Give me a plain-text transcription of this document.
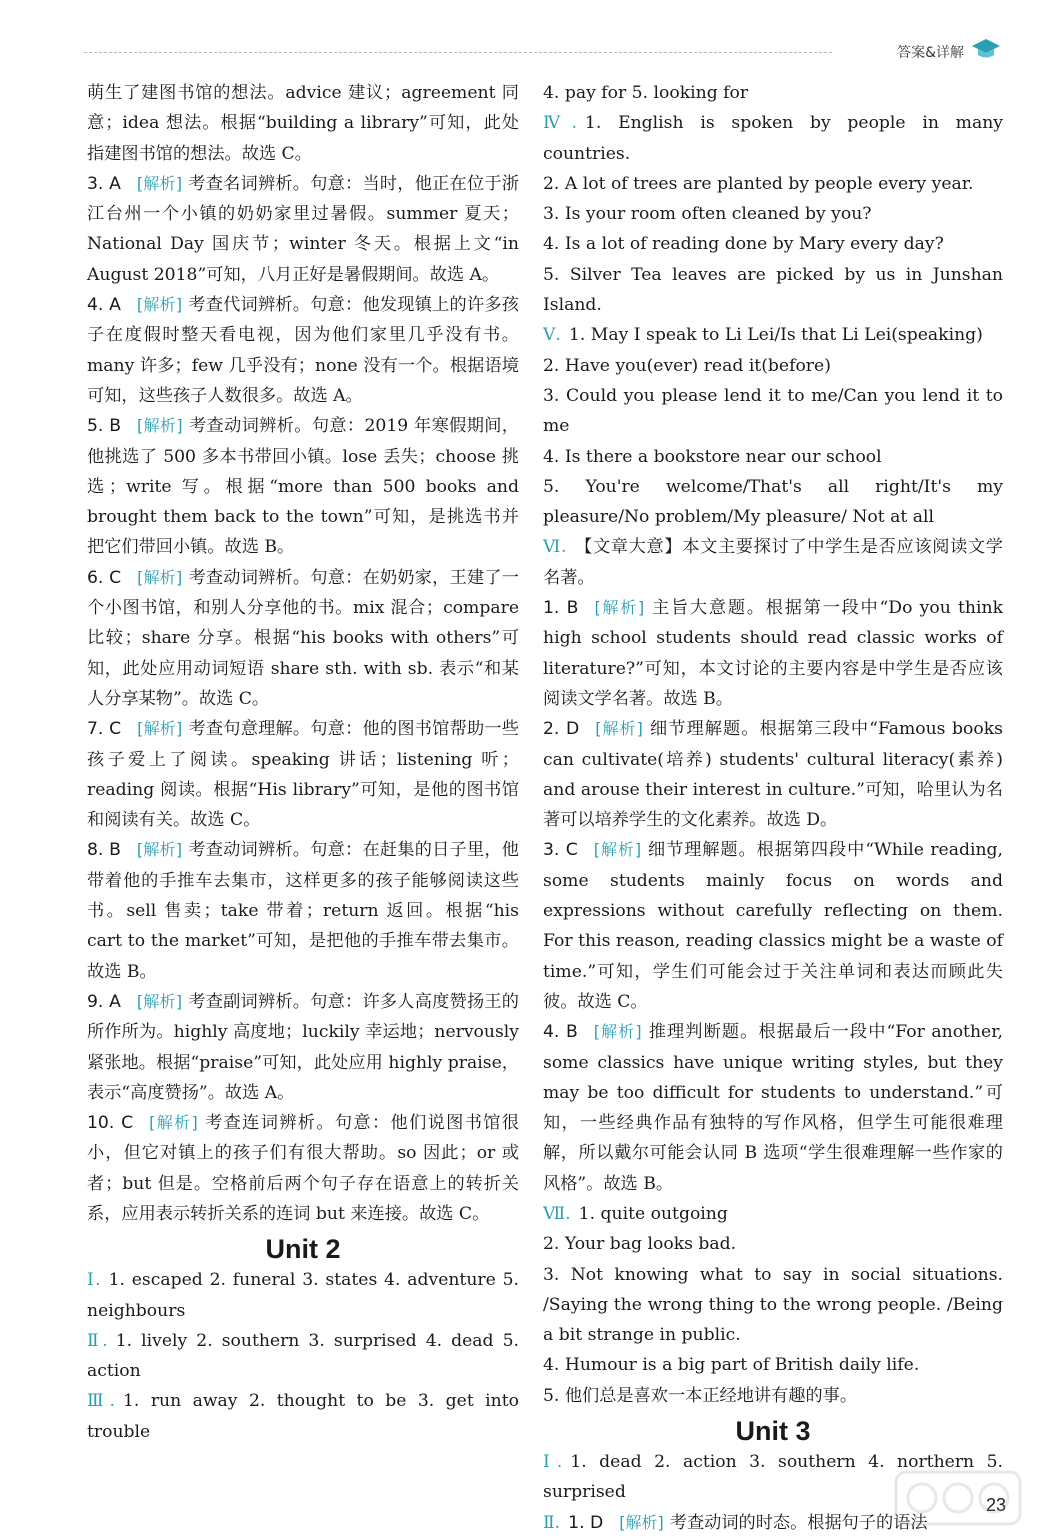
答案&详解

萌生了建图书馆的想法。advice 建议；agreement 同意；idea 想法。根据“building a library”可知，此处指建图书馆的想法。故选 C。

3. A [ 解析 ] 考查名词辨析。句意：当时，他正在位于浙江台州一个小镇的奶奶家里过暑假。summer 夏天；National Day 国庆节；winter 冬天。根据上文“in August 2018”可知，八月正好是暑假期间。故选 A。

4. A [ 解析 ] 考查代词辨析。句意：他发现镇上的许多孩子在度假时整天看电视，因为他们家里几乎没有书。many 许多；few 几乎没有；none 没有一个。根据语境可知，这些孩子人数很多。故选 A。

5. B [ 解析 ] 考查动词辨析。句意：2019 年寒假期间，他挑选了 500 多本书带回小镇。lose 丢失；choose 挑选；write 写。根据“more than 500 books and brought them back to the town”可知，是挑选书并把它们带回小镇。故选 B。

6. C [ 解析 ] 考查动词辨析。句意：在奶奶家，王建了一个小图书馆，和别人分享他的书。mix 混合；compare 比较；share 分享。根据“his books with others”可知，此处应用动词短语 share sth. with sb. 表示“和某人分享某物”。故选 C。

7. C [ 解析 ] 考查句意理解。句意：他的图书馆帮助一些孩子爱上了阅读。speaking 讲话；listening 听；reading 阅读。根据“His library”可知，是他的图书馆和阅读有关。故选 C。

8. B [ 解析 ] 考查动词辨析。句意：在赶集的日子里，他带着他的手推车去集市，这样更多的孩子能够阅读这些书。sell 售卖；take 带着；return 返回。根据“his cart to the market”可知，是把他的手推车带去集市。故选 B。

9. A [ 解析 ] 考查副词辨析。句意：许多人高度赞扬王的所作所为。highly 高度地；luckily 幸运地；nervously 紧张地。根据“praise”可知，此处应用 highly praise，表示“高度赞扬”。故选 A。

10. C [ 解析 ] 考查连词辨析。句意：他们说图书馆很小，但它对镇上的孩子们有很大帮助。so 因此；or 或者；but 但是。空格前后两个句子存在语意上的转折关系，应用表示转折关系的连词 but 来连接。故选 C。

Unit 2

Ⅰ. 1. escaped 2. funeral 3. states 4. adventure 5. neighbours

Ⅱ. 1. lively 2. southern 3. surprised 4. dead 5. action

Ⅲ. 1. run away 2. thought to be 3. get into trouble

4. pay for 5. looking for

Ⅳ. 1. English is spoken by people in many countries.

2. A lot of trees are planted by people every year.

3. Is your room often cleaned by you?

4. Is a lot of reading done by Mary every day?

5. Silver Tea leaves are picked by us in Junshan Island.

Ⅴ. 1. May I speak to Li Lei/Is that Li Lei(speaking)

2. Have you(ever) read it(before)

3. Could you please lend it to me/Can you lend it to me

4. Is there a bookstore near our school

5. You're welcome/That's all right/It's my pleasure/No problem/My pleasure/ Not at all

Ⅵ. 【文章大意】本文主要探讨了中学生是否应该阅读文学名著。

1. B [ 解析 ] 主旨大意题。根据第一段中“Do you think high school students should read classic works of literature?”可知，本文讨论的主要内容是中学生是否应该阅读文学名著。故选 B。

2. D [ 解析 ] 细节理解题。根据第三段中“Famous books can cultivate(培养) students' cultural literacy(素养) and arouse their interest in culture.”可知，哈里认为名著可以培养学生的文化素养。故选 D。

3. C [ 解析 ] 细节理解题。根据第四段中“While reading, some students mainly focus on words and expressions without carefully reflecting on them. For this reason, reading classics might be a waste of time.”可知，学生们可能会过于关注单词和表达而顾此失彼。故选 C。

4. B [ 解析 ] 推理判断题。根据最后一段中“For another, some classics have unique writing styles, but they may be too difficult for students to understand.”可知，一些经典作品有独特的写作风格，但学生可能很难理解，所以戴尔可能会认同 B 选项“学生很难理解一些作家的风格”。故选 B。

Ⅶ. 1. quite outgoing

2. Your bag looks bad.

3. Not knowing what to say in social situations. /Saying the wrong thing to the wrong people. /Being a bit strange in public.

4. Humour is a big part of British daily life.

5. 他们总是喜欢一本正经地讲有趣的事。

Unit 3

Ⅰ. 1. dead 2. action 3. southern 4. northern 5. surprised

Ⅱ. 1. D [ 解析 ] 考查动词的时态。根据句子的语法

23
